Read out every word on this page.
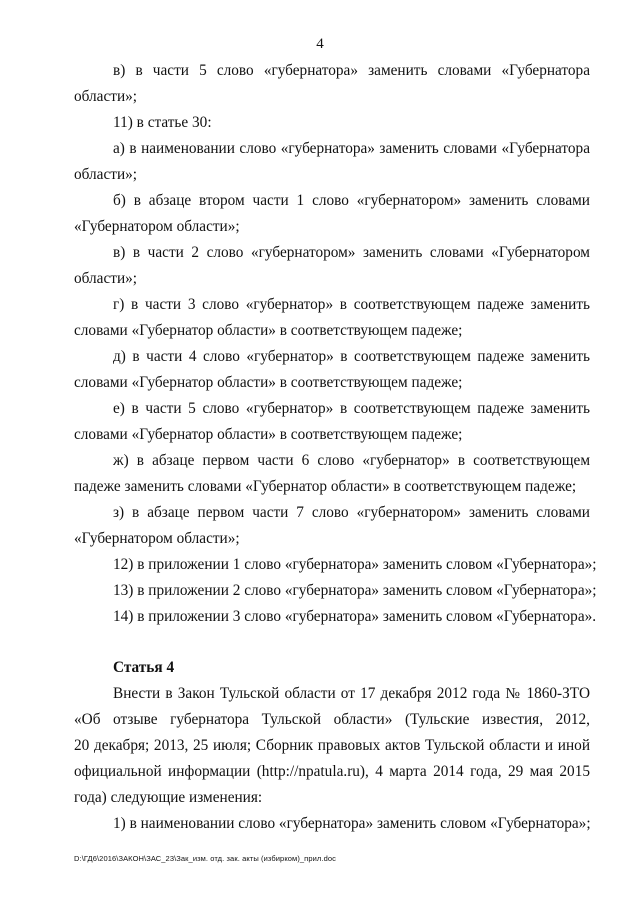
4
в) в части 5 слово «губернатора» заменить словами «Губернатора
области»;
11) в статье 30:
а) в наименовании слово «губернатора» заменить словами «Губернатора
области»;
б) в абзаце втором части 1 слово «губернатором» заменить словами
«Губернатором области»;
в) в части 2 слово «губернатором» заменить словами «Губернатором
области»;
г) в части 3 слово «губернатор» в соответствующем падеже заменить
словами «Губернатор области» в соответствующем падеже;
д) в части 4 слово «губернатор» в соответствующем падеже заменить
словами «Губернатор области» в соответствующем падеже;
е) в части 5 слово «губернатор» в соответствующем падеже заменить
словами «Губернатор области» в соответствующем падеже;
ж) в абзаце первом части 6 слово «губернатор» в соответствующем
падеже заменить словами «Губернатор области» в соответствующем падеже;
з) в абзаце первом части 7 слово «губернатором» заменить словами
«Губернатором области»;
12) в приложении 1 слово «губернатора» заменить словом «Губернатора»;
13) в приложении 2 слово «губернатора» заменить словом «Губернатора»;
14) в приложении 3 слово «губернатора» заменить словом «Губернатора».
Статья 4
Внести в Закон Тульской области от 17 декабря 2012 года № 1860-ЗТО
«Об отзыве губернатора Тульской области» (Тульские известия, 2012,
20 декабря; 2013, 25 июля; Сборник правовых актов Тульской области и иной
официальной информации (http://npatula.ru), 4 марта 2014 года, 29 мая 2015
года) следующие изменения:
1) в наименовании слово «губернатора» заменить словом «Губернатора»;
D:\ГД6\2016\ЗАКОН\ЗАС_23\Зак_изм. отд. зак. акты (избирком)_прил.doc
